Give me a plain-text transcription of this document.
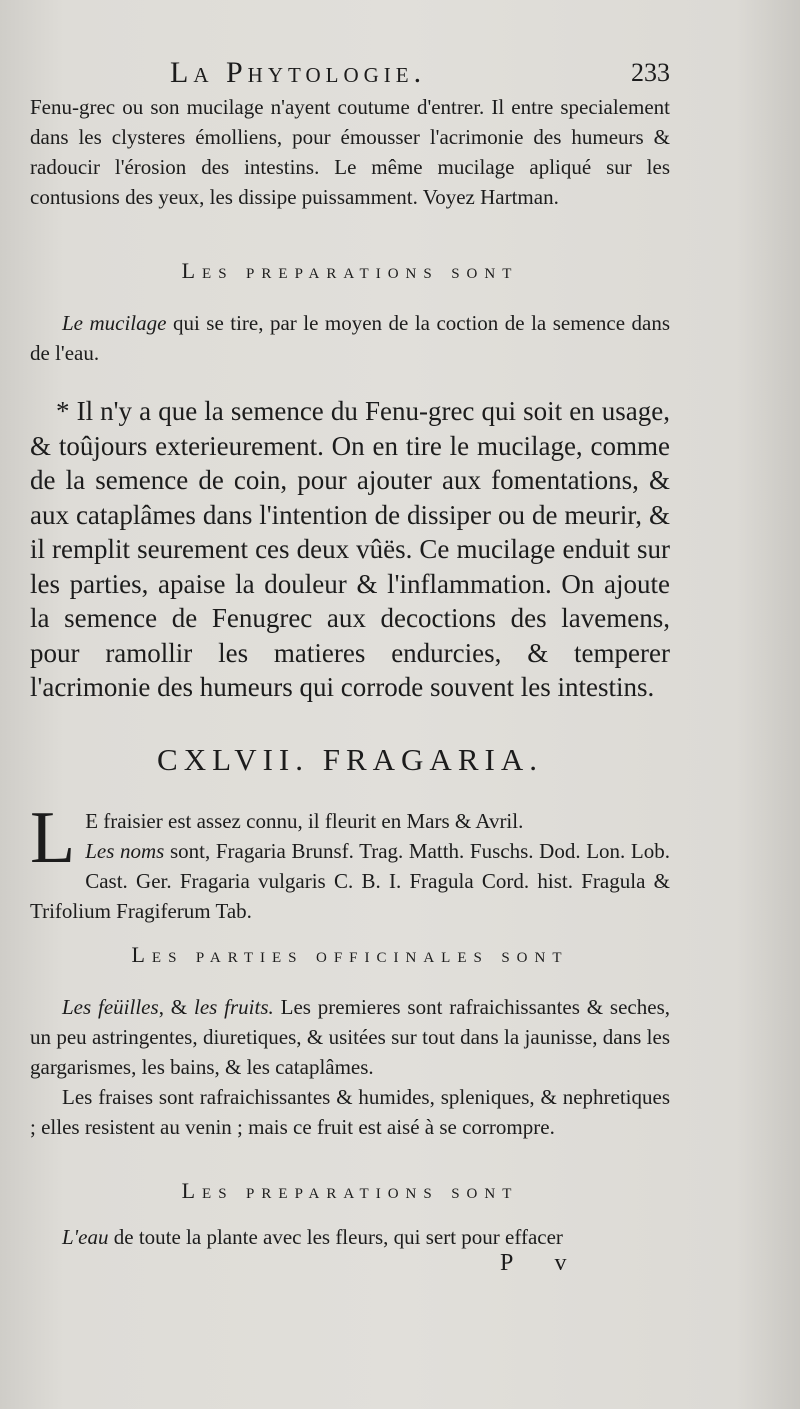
La Phytologie.	233

Fenu-grec ou son mucilage n'ayent coutume d'entrer. Il entre specialement dans les clysteres émolliens, pour émousser l'acrimonie des humeurs & radoucir l'érosion des intestins. Le même mucilage apliqué sur les contusions des yeux, les dissipe puissamment. Voyez Hartman.

Les preparations sont

Le mucilage qui se tire, par le moyen de la coction de la semence dans de l'eau.

* Il n'y a que la semence du Fenu-grec qui soit en usage, & toûjours exterieurement. On en tire le mucilage, comme de la semence de coin, pour ajouter aux fomentations, & aux cataplâmes dans l'intention de dissiper ou de meurir, & il remplit seurement ces deux vûës. Ce mucilage enduit sur les parties, apaise la douleur & l'inflammation. On ajoute la semence de Fenugrec aux decoctions des lavemens, pour ramollir les matieres endurcies, & temperer l'acrimonie des humeurs qui corrode souvent les intestins.

CXLVII. FRAGARIA.
L E fraisier est assez connu, il fleurit en Mars & Avril.

Les noms sont, Fragaria Brunsf. Trag. Matth. Fuschs. Dod. Lon. Lob. Cast. Ger. Fragaria vulgaris C. B. I. Fragula Cord. hist. Fragula & Trifolium Fragiferum Tab.

Les parties officinales sont

Les feüilles, & les fruits. Les premieres sont rafraichissantes & seches, un peu astringentes, diuretiques, & usitées sur tout dans la jaunisse, dans les gargarismes, les bains, & les cataplâmes.

Les fraises sont rafraichissantes & humides, spleniques, & nephretiques ; elles resistent au venin ; mais ce fruit est aisé à se corrompre.

Les preparations sont

L'eau de toute la plante avec les fleurs, qui sert pour effacer

P v
